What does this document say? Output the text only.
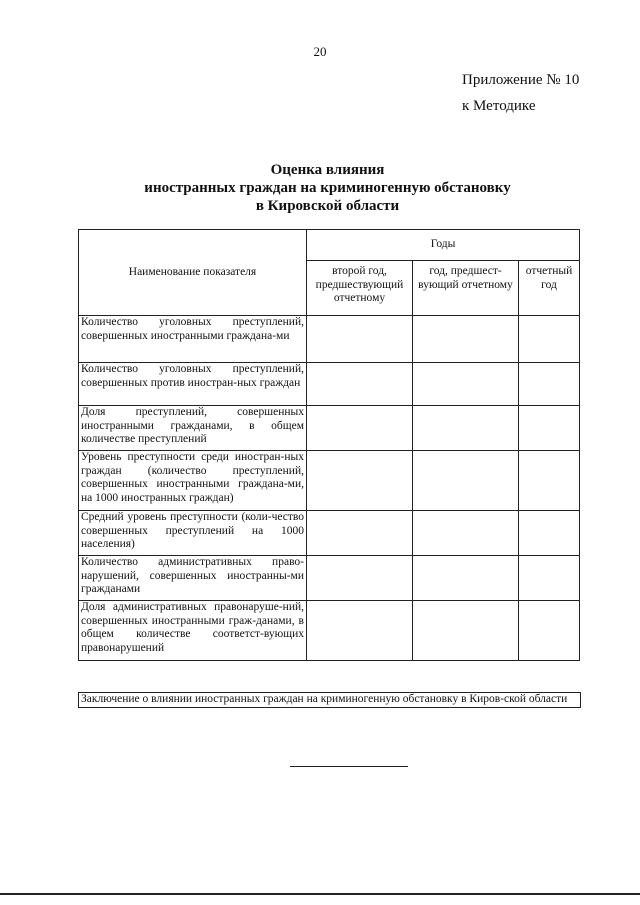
20
Приложение № 10
к Методике
Оценка влияния
иностранных граждан на криминогенную обстановку
в Кировской области
Наименование показателя	Годы		
	второй год, предшествующий отчетному	год, предшест-вующий отчетному	отчетный год
Количество уголовных преступлений, совершенных иностранными граждана-ми			
Количество уголовных преступлений, совершенных против иностран-ных граждан			
Доля преступлений, совершенных иностранными гражданами, в общем количестве преступлений			
Уровень преступности среди иностран-ных граждан (количество преступлений, совершенных иностранными граждана-ми, на 1000 иностранных граждан)			
Средний уровень преступности (коли-чество совершенных преступлений на 1000 населения)			
Количество административных право-нарушений, совершенных иностранны-ми гражданами			
Доля административных правонаруше-ний, совершенных иностранными граж-данами, в общем количестве соответст-вующих правонарушений			
Заключение о влиянии иностранных граждан на криминогенную обстановку в Киров-ской области
